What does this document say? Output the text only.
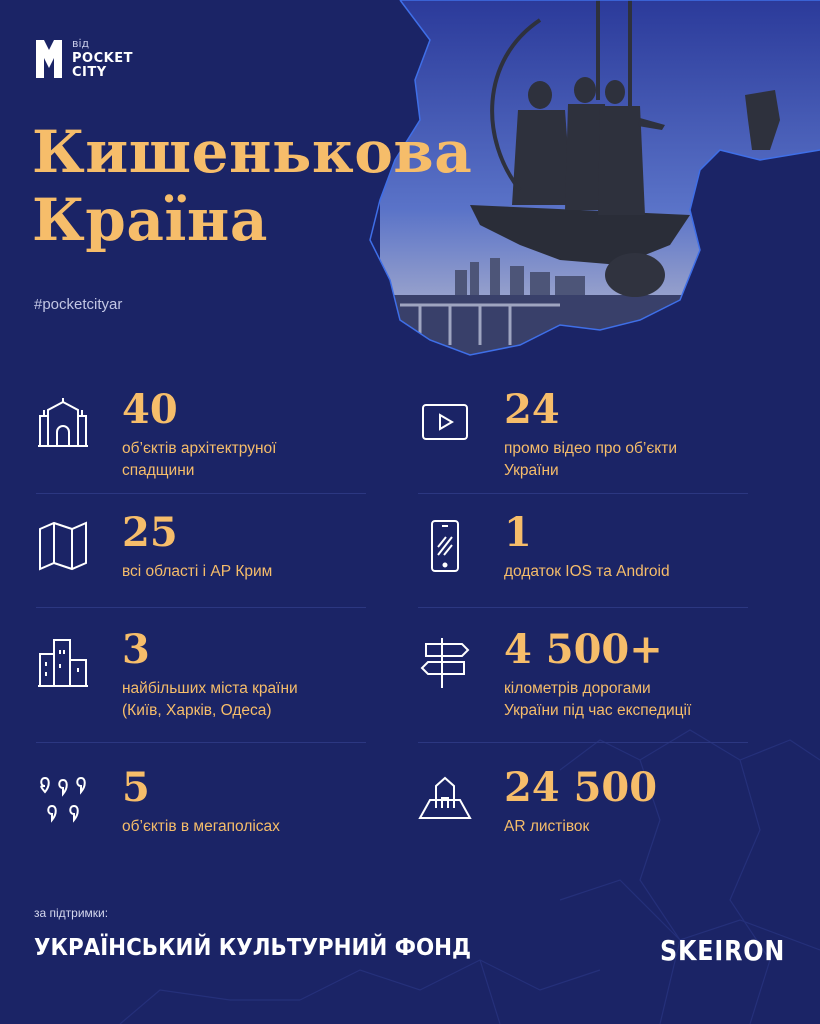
від
POCKET
CITY
Кишенькова
Країна
#pocketcityar
40
об’єктів архітектруної
спадщини
24
промо відео про об’єкти
України
25
всі області і АР Крим
1
додаток IOS та Android
3
найбільших міста країни
(Київ, Харків, Одеса)
4 500+
кілометрів дорогами
України під час експедиції
5
об’єктів в мегаполісах
24 500
AR листівок
за підтримки:
УКРАЇНСЬКИЙ КУЛЬТУРНИЙ ФОНД	SKEIRON
